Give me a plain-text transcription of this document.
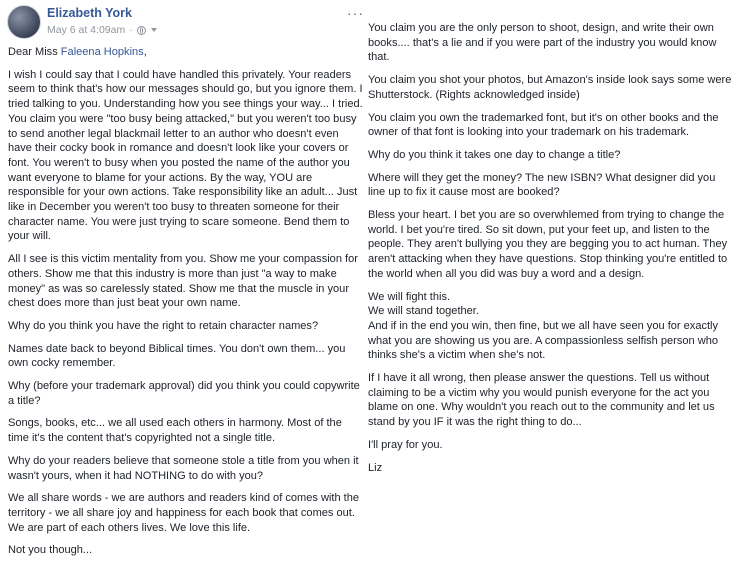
Elizabeth York
May 6 at 4:09am ·
···

Dear Miss Faleena Hopkins,

I wish I could say that I could have handled this privately. Your readers seem to think that's how our messages should go, but you ignore them. I tried talking to you. Understanding how you see things your way... I tried. You claim you were "too busy being attacked," but you weren't too busy to send another legal blackmail letter to an author who doesn't even have their cocky book in romance and doesn't look like your covers or font. You weren't to busy when you posted the name of the author you want everyone to blame for your actions. By the way, YOU are responsible for your own actions. Take responsibility like an adult... Just like in December you weren't too busy to threaten someone for their character name. You were just trying to scare someone. Bend them to your will.

All I see is this victim mentality from you. Show me your compassion for others. Show me that this industry is more than just "a way to make money" as was so carelessly stated. Show me that the muscle in your chest does more than just beat your own name.

Why do you think you have the right to retain character names?

Names date back to beyond Biblical times. You don't own them... you own cocky remember.

Why (before your trademark approval) did you think you could copywrite a title?

Songs, books, etc... we all used each others in harmony. Most of the time it's the content that's copyrighted not a single title.

Why do your readers believe that someone stole a title from you when it wasn't yours, when it had NOTHING to do with you?

We all share words - we are authors and readers kind of comes with the territory - we all share joy and happiness for each book that comes out. We are part of each others lives. We love this life.

Not you though...

You claim you are the only person to shoot, design, and write their own books.... that's a lie and if you were part of the industry you would know that.

You claim you shot your photos, but Amazon's inside look says some were Shutterstock. (Rights acknowledged inside)

You claim you own the trademarked font, but it's on other books and the owner of that font is looking into your trademark on his trademark.

Why do you think it takes one day to change a title?

Where will they get the money? The new ISBN? What designer did you line up to fix it cause most are booked?

Bless your heart. I bet you are so overwhlemed from trying to change the world. I bet you're tired. So sit down, put your feet up, and listen to the people. They aren't bullying you they are begging you to act human. They aren't attacking when they have questions. Stop thinking you're entitled to the world when all you did was buy a word and a design.

We will fight this.

We will stand together.

And if in the end you win, then fine, but we all have seen you for exactly what you are showing us you are. A compassionless selfish person who thinks she's a victim when she's not.

If I have it all wrong, then please answer the questions. Tell us without claiming to be a victim why you would punish everyone for the act you blame on one. Why wouldn't you reach out to the community and let us stand by you IF it was the right thing to do...

I'll pray for you.

Liz
